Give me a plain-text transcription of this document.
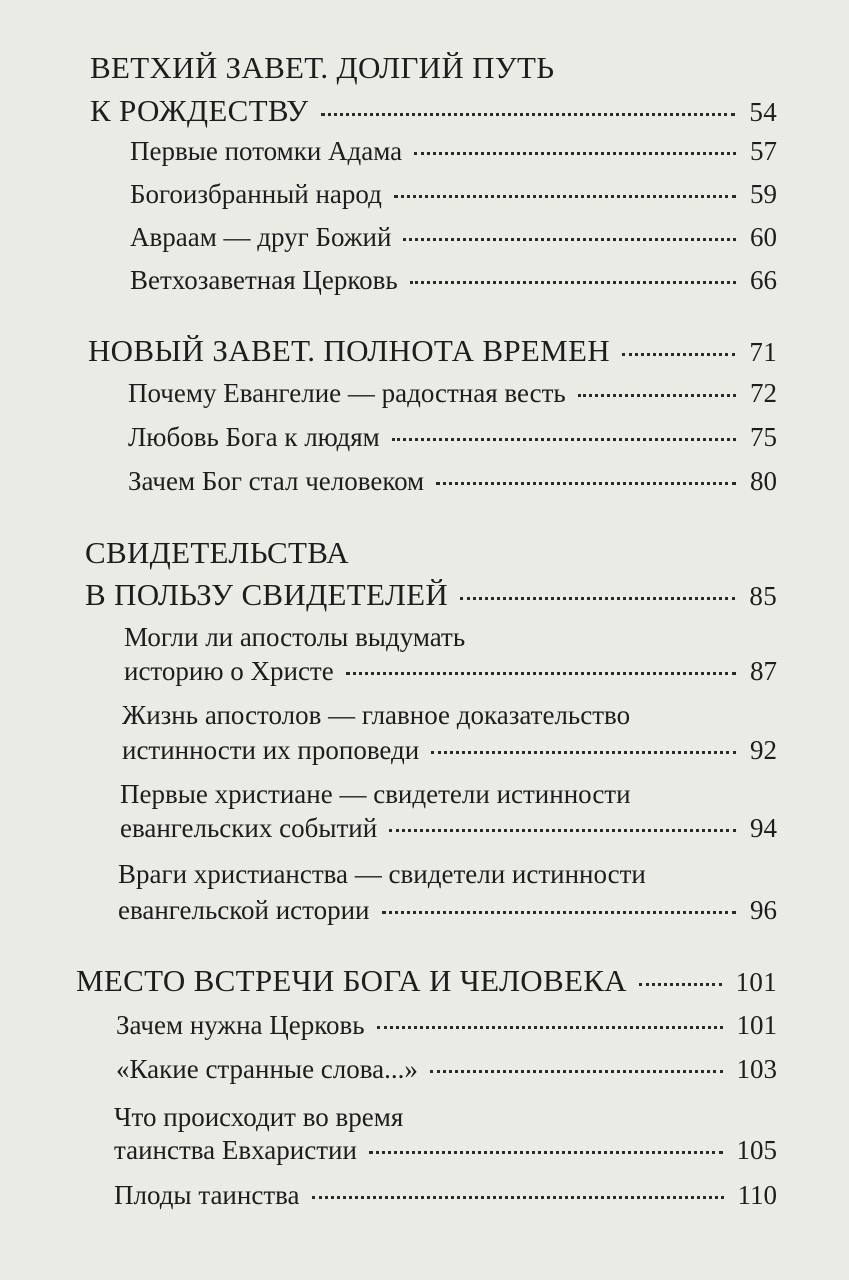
ВЕТХИЙ ЗАВЕТ. ДОЛГИЙ ПУТЬ
К РОЖДЕСТВУ	54
Первые потомки Адама	57
Богоизбранный народ	59
Авраам — друг Божий	60
Ветхозаветная Церковь	66
НОВЫЙ ЗАВЕТ. ПОЛНОТА ВРЕМЕН	71
Почему Евангелие — радостная весть	72
Любовь Бога к людям	75
Зачем Бог стал человеком	80
СВИДЕТЕЛЬСТВА
В ПОЛЬЗУ СВИДЕТЕЛЕЙ	85
Могли ли апостолы выдумать
историю о Христе	87
Жизнь апостолов — главное доказательство
истинности их проповеди	92
Первые христиане — свидетели истинности
евангельских событий	94
Враги христианства — свидетели истинности
евангельской истории	96
МЕСТО ВСТРЕЧИ БОГА И ЧЕЛОВЕКА	101
Зачем нужна Церковь	101
«Какие странные слова...»	103
Что происходит во время
таинства Евхаристии	105
Плоды таинства	110
